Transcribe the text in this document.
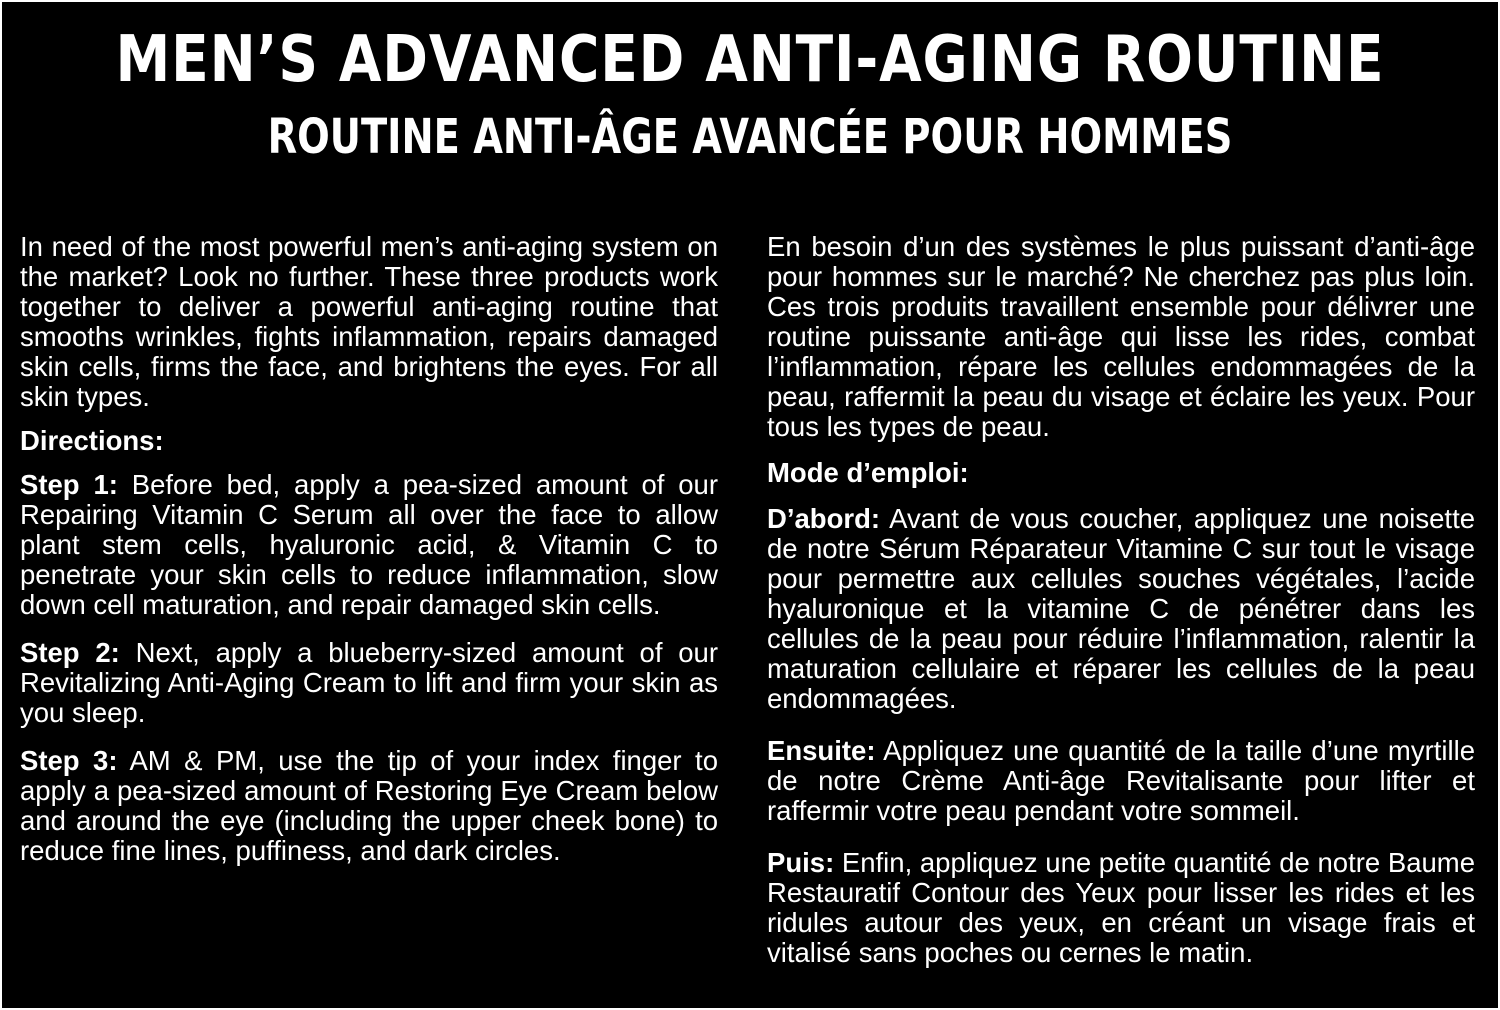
MEN’S ADVANCED ANTI-AGING ROUTINE
ROUTINE ANTI-ÂGE AVANCÉE POUR HOMMES

In need of the most powerful men’s anti-aging system on the market? Look no further. These three products work together to deliver a powerful anti-aging routine that smooths wrinkles, fights inflammation, repairs damaged skin cells, firms the face, and brightens the eyes. For all skin types.

Directions:

Step 1: Before bed, apply a pea-sized amount of our Repairing Vitamin C Serum all over the face to allow plant stem cells, hyaluronic acid, & Vitamin C to penetrate your skin cells to reduce inflammation, slow down cell maturation, and repair damaged skin cells.

Step 2: Next, apply a blueberry-sized amount of our Revitalizing Anti-Aging Cream to lift and firm your skin as you sleep.

Step 3: AM & PM, use the tip of your index finger to apply a pea-sized amount of Restoring Eye Cream below and around the eye (including the upper cheek bone) to reduce fine lines, puffiness, and dark circles.

En besoin d’un des systèmes le plus puissant d’anti-âge pour hommes sur le marché? Ne cherchez pas plus loin. Ces trois produits travaillent ensemble pour délivrer une routine puissante anti-âge qui lisse les rides, combat l’inflammation, répare les cellules endommagées de la peau, raffermit la peau du visage et éclaire les yeux. Pour tous les types de peau.

Mode d’emploi:

D’abord: Avant de vous coucher, appliquez une noisette de notre Sérum Réparateur Vitamine C sur tout le visage pour permettre aux cellules souches végétales, l’acide hyaluronique et la vitamine C de pénétrer dans les cellules de la peau pour réduire l’inflammation, ralentir la maturation cellulaire et réparer les cellules de la peau endommagées.

Ensuite: Appliquez une quantité de la taille d’une myrtille de notre Crème Anti-âge Revitalisante pour lifter et raffermir votre peau pendant votre sommeil.

Puis: Enfin, appliquez une petite quantité de notre Baume Restauratif Contour des Yeux pour lisser les rides et les ridules autour des yeux, en créant un visage frais et vitalisé sans poches ou cernes le matin.
